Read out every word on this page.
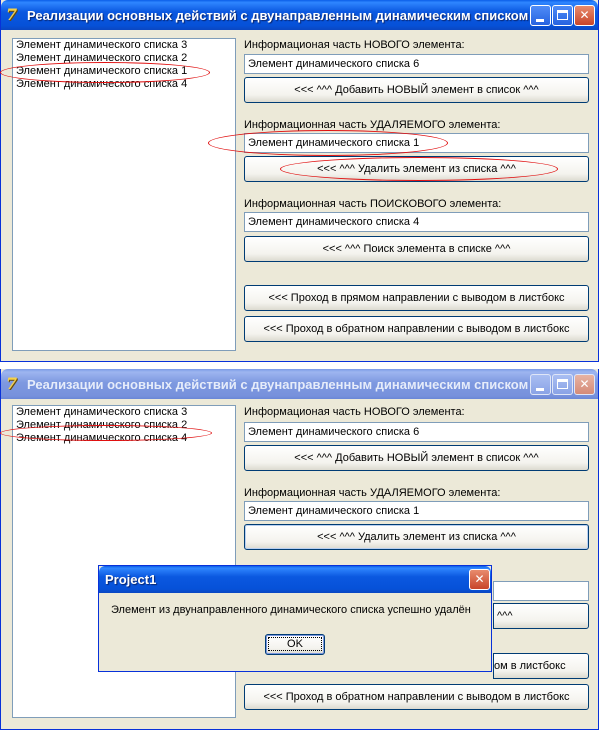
7 Реализации основных действий с двунаправленным динамическим списком	✕
Элемент динамического списка 3
Элемент динамического списка 2
Элемент динамического списка 1
Элемент динамического списка 4
Информационая часть НОВОГО элемента:
Элемент динамического списка 6
<<< ^^^ Добавить НОВЫЙ элемент в список ^^^
Информационная часть УДАЛЯЕМОГО элемента:
Элемент динамического списка 1
<<< ^^^ Удалить элемент из списка ^^^
Информационная часть ПОИСКОВОГО элемента:
Элемент динамического списка 4
<<< ^^^ Поиск элемента в списке ^^^
<<< Проход в прямом направлении с выводом в листбокс
<<< Проход в обратном направлении с выводом в листбокс
7 Реализации основных действий с двунаправленным динамическим списком	✕
Элемент динамического списка 3
Элемент динамического списка 2
Элемент динамического списка 4
Информационая часть НОВОГО элемента:
Элемент динамического списка 6
<<< ^^^ Добавить НОВЫЙ элемент в список ^^^
Информационная часть УДАЛЯЕМОГО элемента:
Элемент динамического списка 1
<<< ^^^ Удалить элемент из списка ^^^
^^^
ом в листбокс
<<< Проход в обратном направлении с выводом в листбокс
Project1	✕
Элемент из двунаправленного динамического списка успешно удалён
OK
